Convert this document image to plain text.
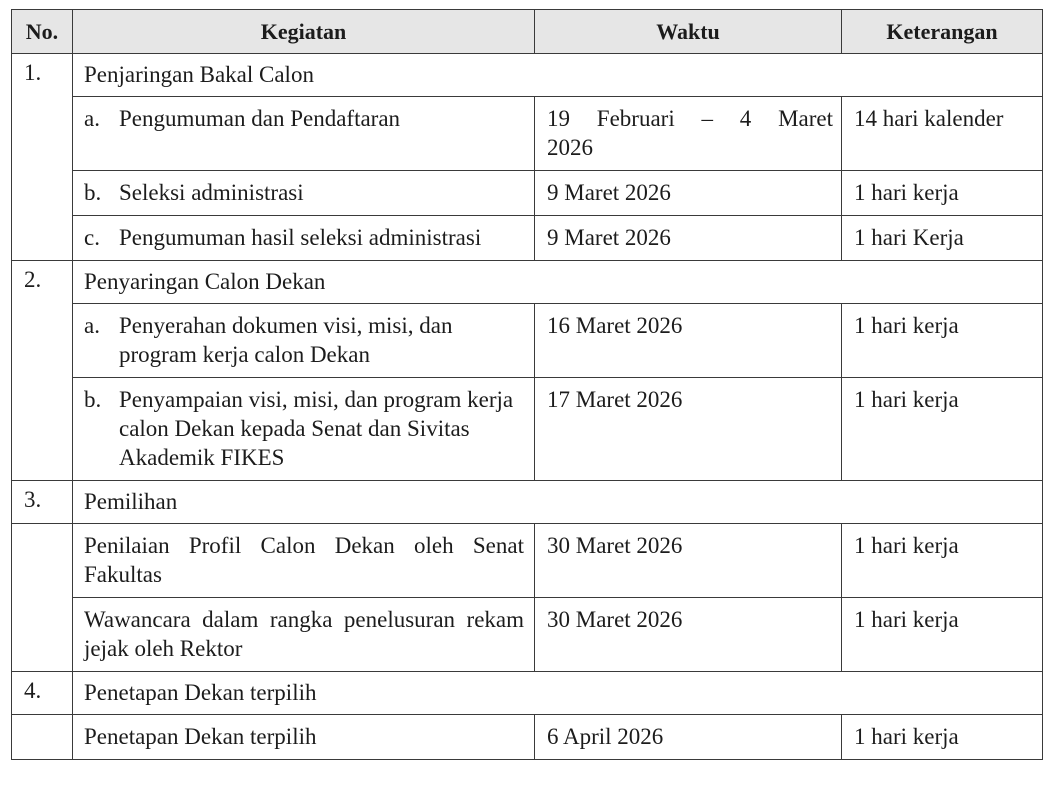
No.	Kegiatan	Waktu	Keterangan
1.	Penjaringan Bakal Calon		

	a. Pengumuman dan Pendaftaran	19 Februari – 4 Maret 2026	14 hari kalender

	b. Seleksi administrasi	9 Maret 2026	1 hari kerja

	c. Pengumuman hasil seleksi administrasi	9 Maret 2026	1 hari Kerja
2.	Penyaringan Calon Dekan		

	a. Penyerahan dokumen visi, misi, dan program kerja calon Dekan	16 Maret 2026	1 hari kerja

	b. Penyampaian visi, misi, dan program kerja calon Dekan kepada Senat dan Sivitas Akademik FIKES	17 Maret 2026	1 hari kerja
3.	Pemilihan		
	Penilaian Profil Calon Dekan oleh Senat Fakultas	30 Maret 2026	1 hari kerja
	Wawancara dalam rangka penelusuran rekam jejak oleh Rektor	30 Maret 2026	1 hari kerja
4.	Penetapan Dekan terpilih		
	Penetapan Dekan terpilih	6 April 2026	1 hari kerja
